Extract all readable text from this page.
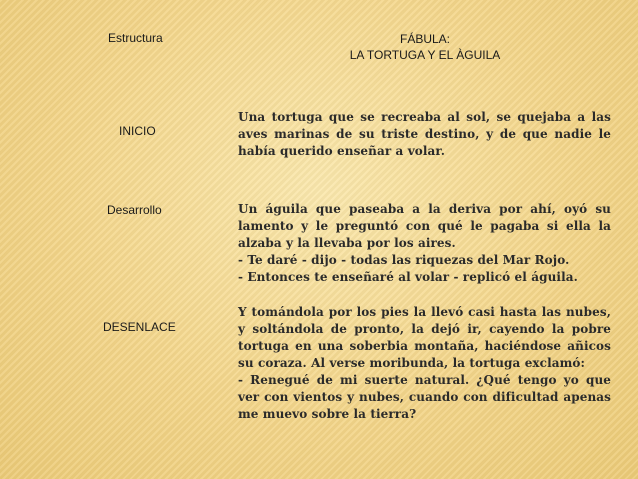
Estructura	FÁBULA:
LA TORTUGA Y EL ÀGUILA
INICIO
Una tortuga que se recreaba al sol, se quejaba a las aves marinas de su triste destino, y de que nadie le había querido enseñar a volar.
Desarrollo	Un águila que paseaba a la deriva por ahí, oyó su lamento y le preguntó con qué le pagaba si ella la alzaba y la llevaba por los aires.
- Te daré - dijo - todas las riquezas del Mar Rojo.
- Entonces te enseñaré al volar - replicó el águila.
DESENLACE
Y tomándola por los pies la llevó casi hasta las nubes, y soltándola de pronto, la dejó ir, cayendo la pobre tortuga en una soberbia montaña, haciéndose añicos su coraza. Al verse moribunda, la tortuga exclamó:
- Renegué de mi suerte natural. ¿Qué tengo yo que ver con vientos y nubes, cuando con dificultad apenas me muevo sobre la tierra?
